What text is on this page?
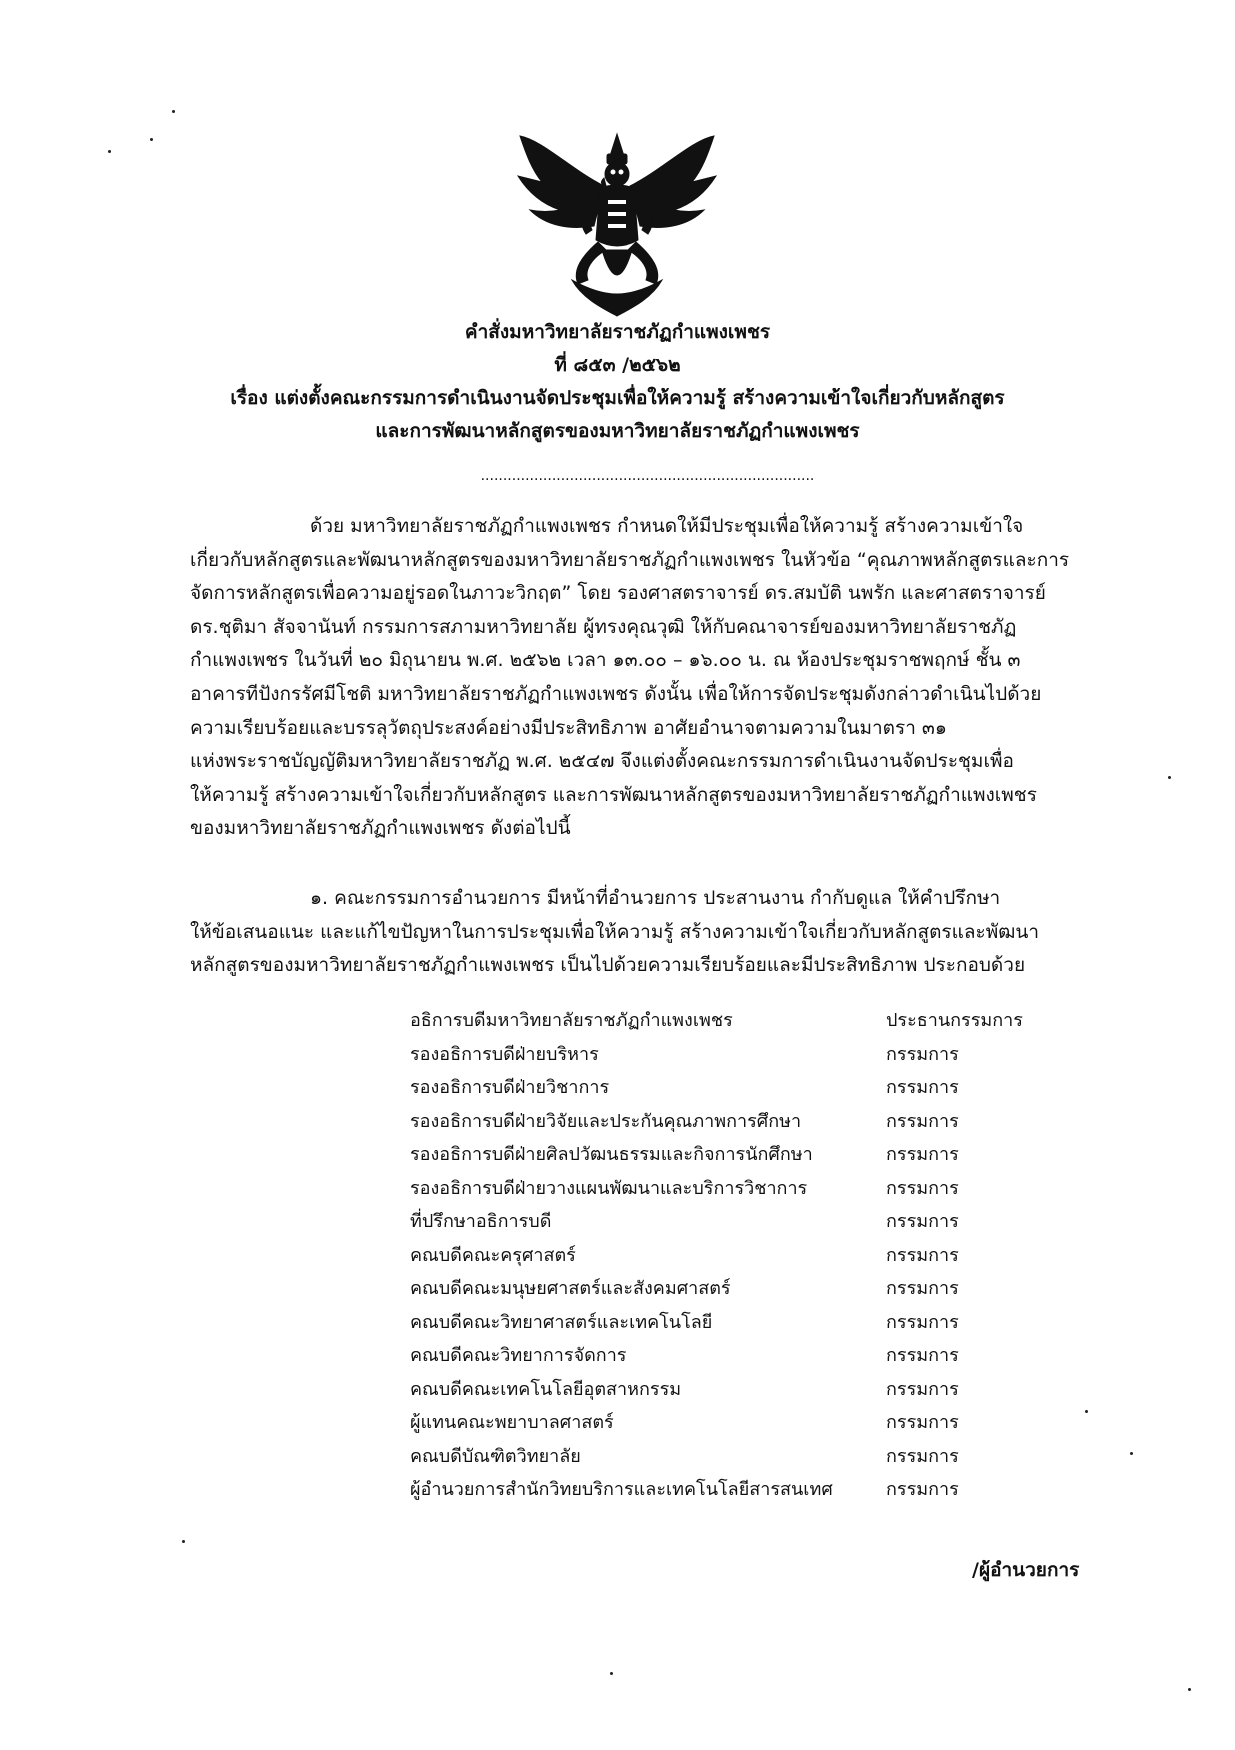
คำสั่งมหาวิทยาลัยราชภัฏกำแพงเพชร
ที่ ๘๕๓ /๒๕๖๒
เรื่อง แต่งตั้งคณะกรรมการดำเนินงานจัดประชุมเพื่อให้ความรู้ สร้างความเข้าใจเกี่ยวกับหลักสูตร
และการพัฒนาหลักสูตรของมหาวิทยาลัยราชภัฏกำแพงเพชร
...........................................................................
ด้วย มหาวิทยาลัยราชภัฏกำแพงเพชร กำหนดให้มีประชุมเพื่อให้ความรู้ สร้างความเข้าใจ
เกี่ยวกับหลักสูตรและพัฒนาหลักสูตรของมหาวิทยาลัยราชภัฏกำแพงเพชร ในหัวข้อ “คุณภาพหลักสูตรและการ
จัดการหลักสูตรเพื่อความอยู่รอดในภาวะวิกฤต” โดย รองศาสตราจารย์ ดร.สมบัติ นพรัก และศาสตราจารย์
ดร.ชุติมา สัจจานันท์ กรรมการสภามหาวิทยาลัย ผู้ทรงคุณวุฒิ ให้กับคณาจารย์ของมหาวิทยาลัยราชภัฏ
กำแพงเพชร ในวันที่ ๒๐ มิถุนายน พ.ศ. ๒๕๖๒ เวลา ๑๓.๐๐ – ๑๖.๐๐ น. ณ ห้องประชุมราชพฤกษ์ ชั้น ๓
อาคารทีปังกรรัศมีโชติ มหาวิทยาลัยราชภัฏกำแพงเพชร ดังนั้น เพื่อให้การจัดประชุมดังกล่าวดำเนินไปด้วย
ความเรียบร้อยและบรรลุวัตถุประสงค์อย่างมีประสิทธิภาพ อาศัยอำนาจตามความในมาตรา ๓๑
แห่งพระราชบัญญัติมหาวิทยาลัยราชภัฏ พ.ศ. ๒๕๔๗ จึงแต่งตั้งคณะกรรมการดำเนินงานจัดประชุมเพื่อ
ให้ความรู้ สร้างความเข้าใจเกี่ยวกับหลักสูตร และการพัฒนาหลักสูตรของมหาวิทยาลัยราชภัฏกำแพงเพชร
ของมหาวิทยาลัยราชภัฏกำแพงเพชร ดังต่อไปนี้
๑. คณะกรรมการอำนวยการ มีหน้าที่อำนวยการ ประสานงาน กำกับดูแล ให้คำปรึกษา
ให้ข้อเสนอแนะ และแก้ไขปัญหาในการประชุมเพื่อให้ความรู้ สร้างความเข้าใจเกี่ยวกับหลักสูตรและพัฒนา
หลักสูตรของมหาวิทยาลัยราชภัฏกำแพงเพชร เป็นไปด้วยความเรียบร้อยและมีประสิทธิภาพ ประกอบด้วย
อธิการบดีมหาวิทยาลัยราชภัฏกำแพงเพชร	ประธานกรรมการ
รองอธิการบดีฝ่ายบริหาร	กรรมการ
รองอธิการบดีฝ่ายวิชาการ	กรรมการ
รองอธิการบดีฝ่ายวิจัยและประกันคุณภาพการศึกษา	กรรมการ
รองอธิการบดีฝ่ายศิลปวัฒนธรรมและกิจการนักศึกษา	กรรมการ
รองอธิการบดีฝ่ายวางแผนพัฒนาและบริการวิชาการ	กรรมการ
ที่ปรึกษาอธิการบดี	กรรมการ
คณบดีคณะครุศาสตร์	กรรมการ
คณบดีคณะมนุษยศาสตร์และสังคมศาสตร์	กรรมการ
คณบดีคณะวิทยาศาสตร์และเทคโนโลยี	กรรมการ
คณบดีคณะวิทยาการจัดการ	กรรมการ
คณบดีคณะเทคโนโลยีอุตสาหกรรม	กรรมการ
ผู้แทนคณะพยาบาลศาสตร์	กรรมการ
คณบดีบัณฑิตวิทยาลัย	กรรมการ
ผู้อำนวยการสำนักวิทยบริการและเทคโนโลยีสารสนเทศ	กรรมการ
/ผู้อำนวยการ
